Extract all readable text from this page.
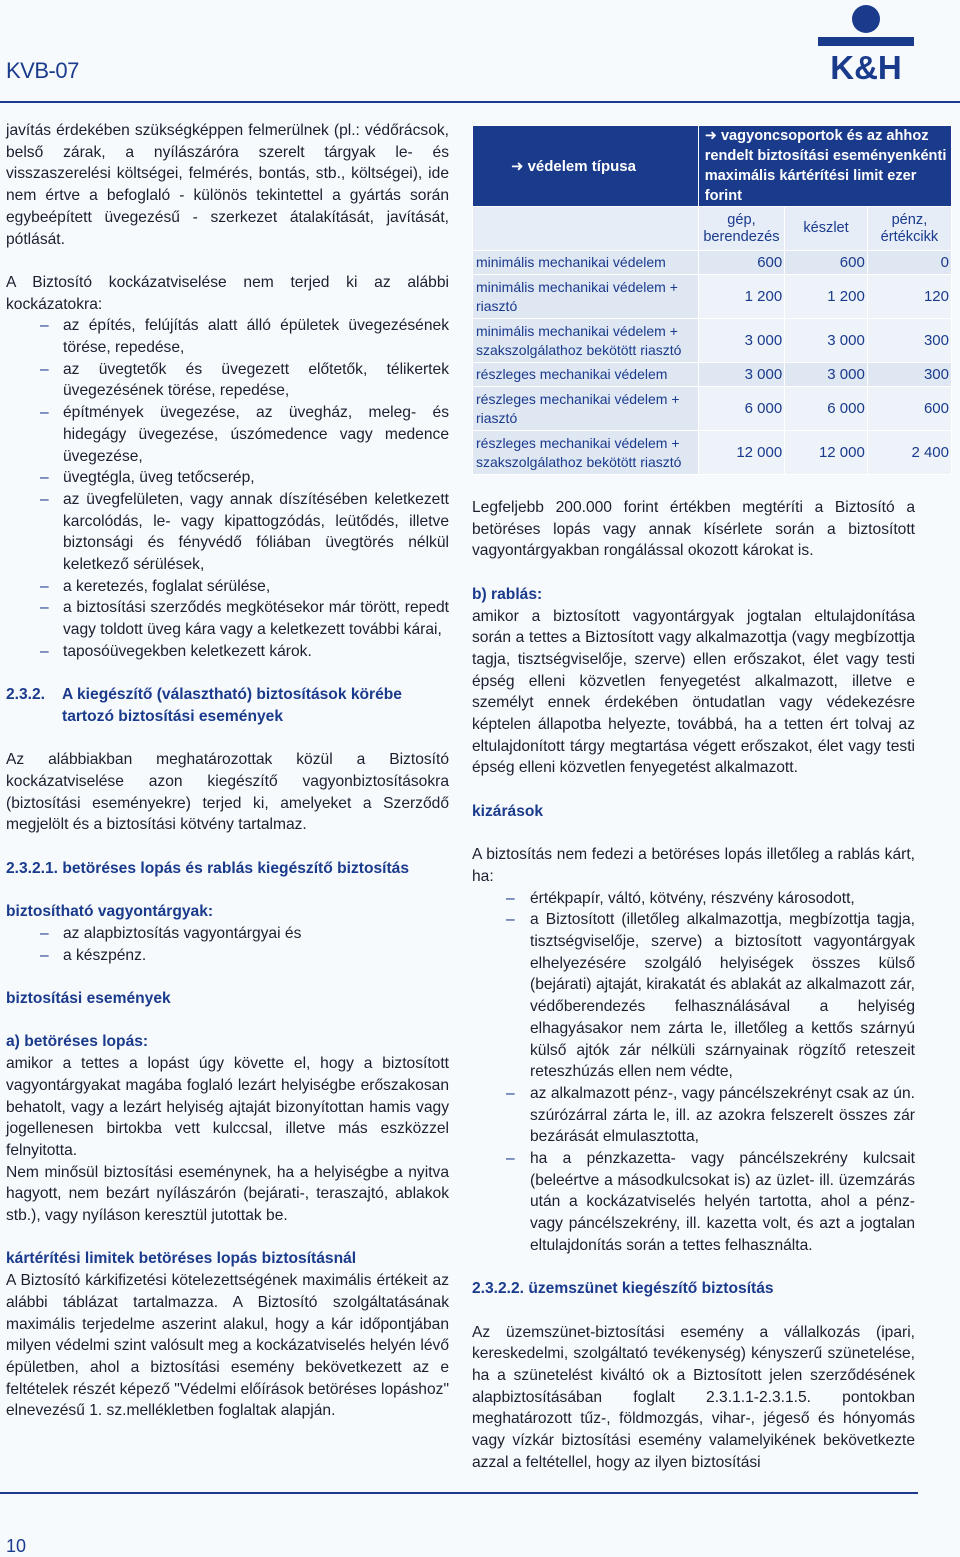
KVB-07	K&H

javítás érdekében szükségképpen felmerülnek (pl.: védőrácsok, belső zárak, a nyílászáróra szerelt tárgyak le- és visszaszerelési költségei, felmérés, bontás, stb., költségei), ide nem értve a befoglaló - különös tekintettel a gyártás során egybeépített üvegezésű - szerkezet átalakítását, javítását, pótlását.

A Biztosító kockázatviselése nem terjed ki az alábbi kockázatokra:

– az építés, felújítás alatt álló épületek üvegezésének törése, repedése,
– az üvegtetők és üvegezett előtetők, télikertek üvegezésének törése, repedése,
– építmények üvegezése, az üvegház, meleg- és hidegágy üvegezése, úszómedence vagy medence üvegezése,
– üvegtégla, üveg tetőcserép,
– az üvegfelületen, vagy annak díszítésében keletkezett karcolódás, le- vagy kipattogzódás, leütődés, illetve biztonsági és fényvédő fóliában üvegtörés nélkül keletkező sérülések,
– a keretezés, foglalat sérülése,
– a biztosítási szerződés megkötésekor már törött, repedt vagy toldott üveg kára vagy a keletkezett további kárai,
– taposóüvegekben keletkezett károk.
2.3.2.	A kiegészítő (választható) biztosítások körébe tartozó biztosítási események

Az alábbiakban meghatározottak közül a Biztosító kockázatviselése azon kiegészítő vagyonbiztosításokra (biztosítási eseményekre) terjed ki, amelyeket a Szerződő megjelölt és a biztosítási kötvény tartalmaz.

2.3.2.1. betöréses lopás és rablás kiegészítő biztosítás

biztosítható vagyontárgyak:

– az alapbiztosítás vagyontárgyai és
– a készpénz.

biztosítási események

a) betöréses lopás:

amikor a tettes a lopást úgy követte el, hogy a biztosított vagyontárgyakat magába foglaló lezárt helyiségbe erőszakosan behatolt, vagy a lezárt helyiség ajtaját bizonyítottan hamis vagy jogellenesen birtokba vett kulccsal, illetve más eszközzel felnyitotta.

Nem minősül biztosítási eseménynek, ha a helyiségbe a nyitva hagyott, nem bezárt nyílászárón (bejárati-, teraszajtó, ablakok stb.), vagy nyíláson keresztül jutottak be.

kártérítési limitek betöréses lopás biztosításnál

A Biztosító kárkifizetési kötelezettségének maximális értékeit az alábbi táblázat tartalmazza. A Biztosító szolgáltatásának maximális terjedelme aszerint alakul, hogy a kár időpontjában milyen védelmi szint valósult meg a kockázatviselés helyén lévő épületben, ahol a biztosítási esemény bekövetkezett az e feltételek részét képező "Védelmi előírások betöréses lopáshoz" elnevezésű 1. sz.mellékletben foglaltak alapján.

➜ védelem típusa	➜ vagyoncsoportok és az ahhoz rendelt biztosítási eseményenkénti maximális kártérítési limit ezer forint		
	gép, berendezés	készlet	pénz, értékcikk
minimális mechanikai védelem	600	600	0
minimális mechanikai védelem + riasztó	1 200	1 200	120
minimális mechanikai védelem + szakszolgálathoz bekötött riasztó	3 000	3 000	300
részleges mechanikai védelem	3 000	3 000	300
részleges mechanikai védelem + riasztó	6 000	6 000	600
részleges mechanikai védelem + szakszolgálathoz bekötött riasztó	12 000	12 000	2 400

Legfeljebb 200.000 forint értékben megtéríti a Biztosító a betöréses lopás vagy annak kísérlete során a biztosított vagyontárgyakban rongálással okozott károkat is.

b) rablás:

amikor a biztosított vagyontárgyak jogtalan eltulajdonítása során a tettes a Biztosított vagy alkalmazottja (vagy megbízottja tagja, tisztségviselője, szerve) ellen erőszakot, élet vagy testi épség elleni közvetlen fenyegetést alkalmazott, illetve e személyt ennek érdekében öntudatlan vagy védekezésre képtelen állapotba helyezte, továbbá, ha a tetten ért tolvaj az eltulajdonított tárgy megtartása végett erőszakot, élet vagy testi épség elleni közvetlen fenyegetést alkalmazott.

kizárások

A biztosítás nem fedezi a betöréses lopás illetőleg a rablás kárt, ha:

– értékpapír, váltó, kötvény, részvény károsodott,
– a Biztosított (illetőleg alkalmazottja, megbízottja tagja, tisztségviselője, szerve) a biztosított vagyontárgyak elhelyezésére szolgáló helyiségek összes külső (bejárati) ajtaját, kirakatát és ablakát az alkalmazott zár, védőberendezés felhasználásával a helyiség elhagyásakor nem zárta le, illetőleg a kettős szárnyú külső ajtók zár nélküli szárnyainak rögzítő reteszeit reteszhúzás ellen nem védte,
– az alkalmazott pénz-, vagy páncélszekrényt csak az ún. szúrózárral zárta le, ill. az azokra felszerelt összes zár bezárását elmulasztotta,
– ha a pénzkazetta- vagy páncélszekrény kulcsait (beleértve a másodkulcsokat is) az üzlet- ill. üzemzárás után a kockázatviselés helyén tartotta, ahol a pénz- vagy páncélszekrény, ill. kazetta volt, és azt a jogtalan eltulajdonítás során a tettes felhasználta.

2.3.2.2. üzemszünet kiegészítő biztosítás

Az üzemszünet-biztosítási esemény a vállalkozás (ipari, kereskedelmi, szolgáltató tevékenység) kényszerű szünetelése, ha a szünetelést kiváltó ok a Biztosított jelen szerződésének alapbiztosításában foglalt 2.3.1.1-2.3.1.5. pontokban meghatározott tűz-, földmozgás, vihar-, jégeső és hónyomás vagy vízkár biztosítási esemény valamelyikének bekövetkezte azzal a feltétellel, hogy az ilyen biztosítási

10
